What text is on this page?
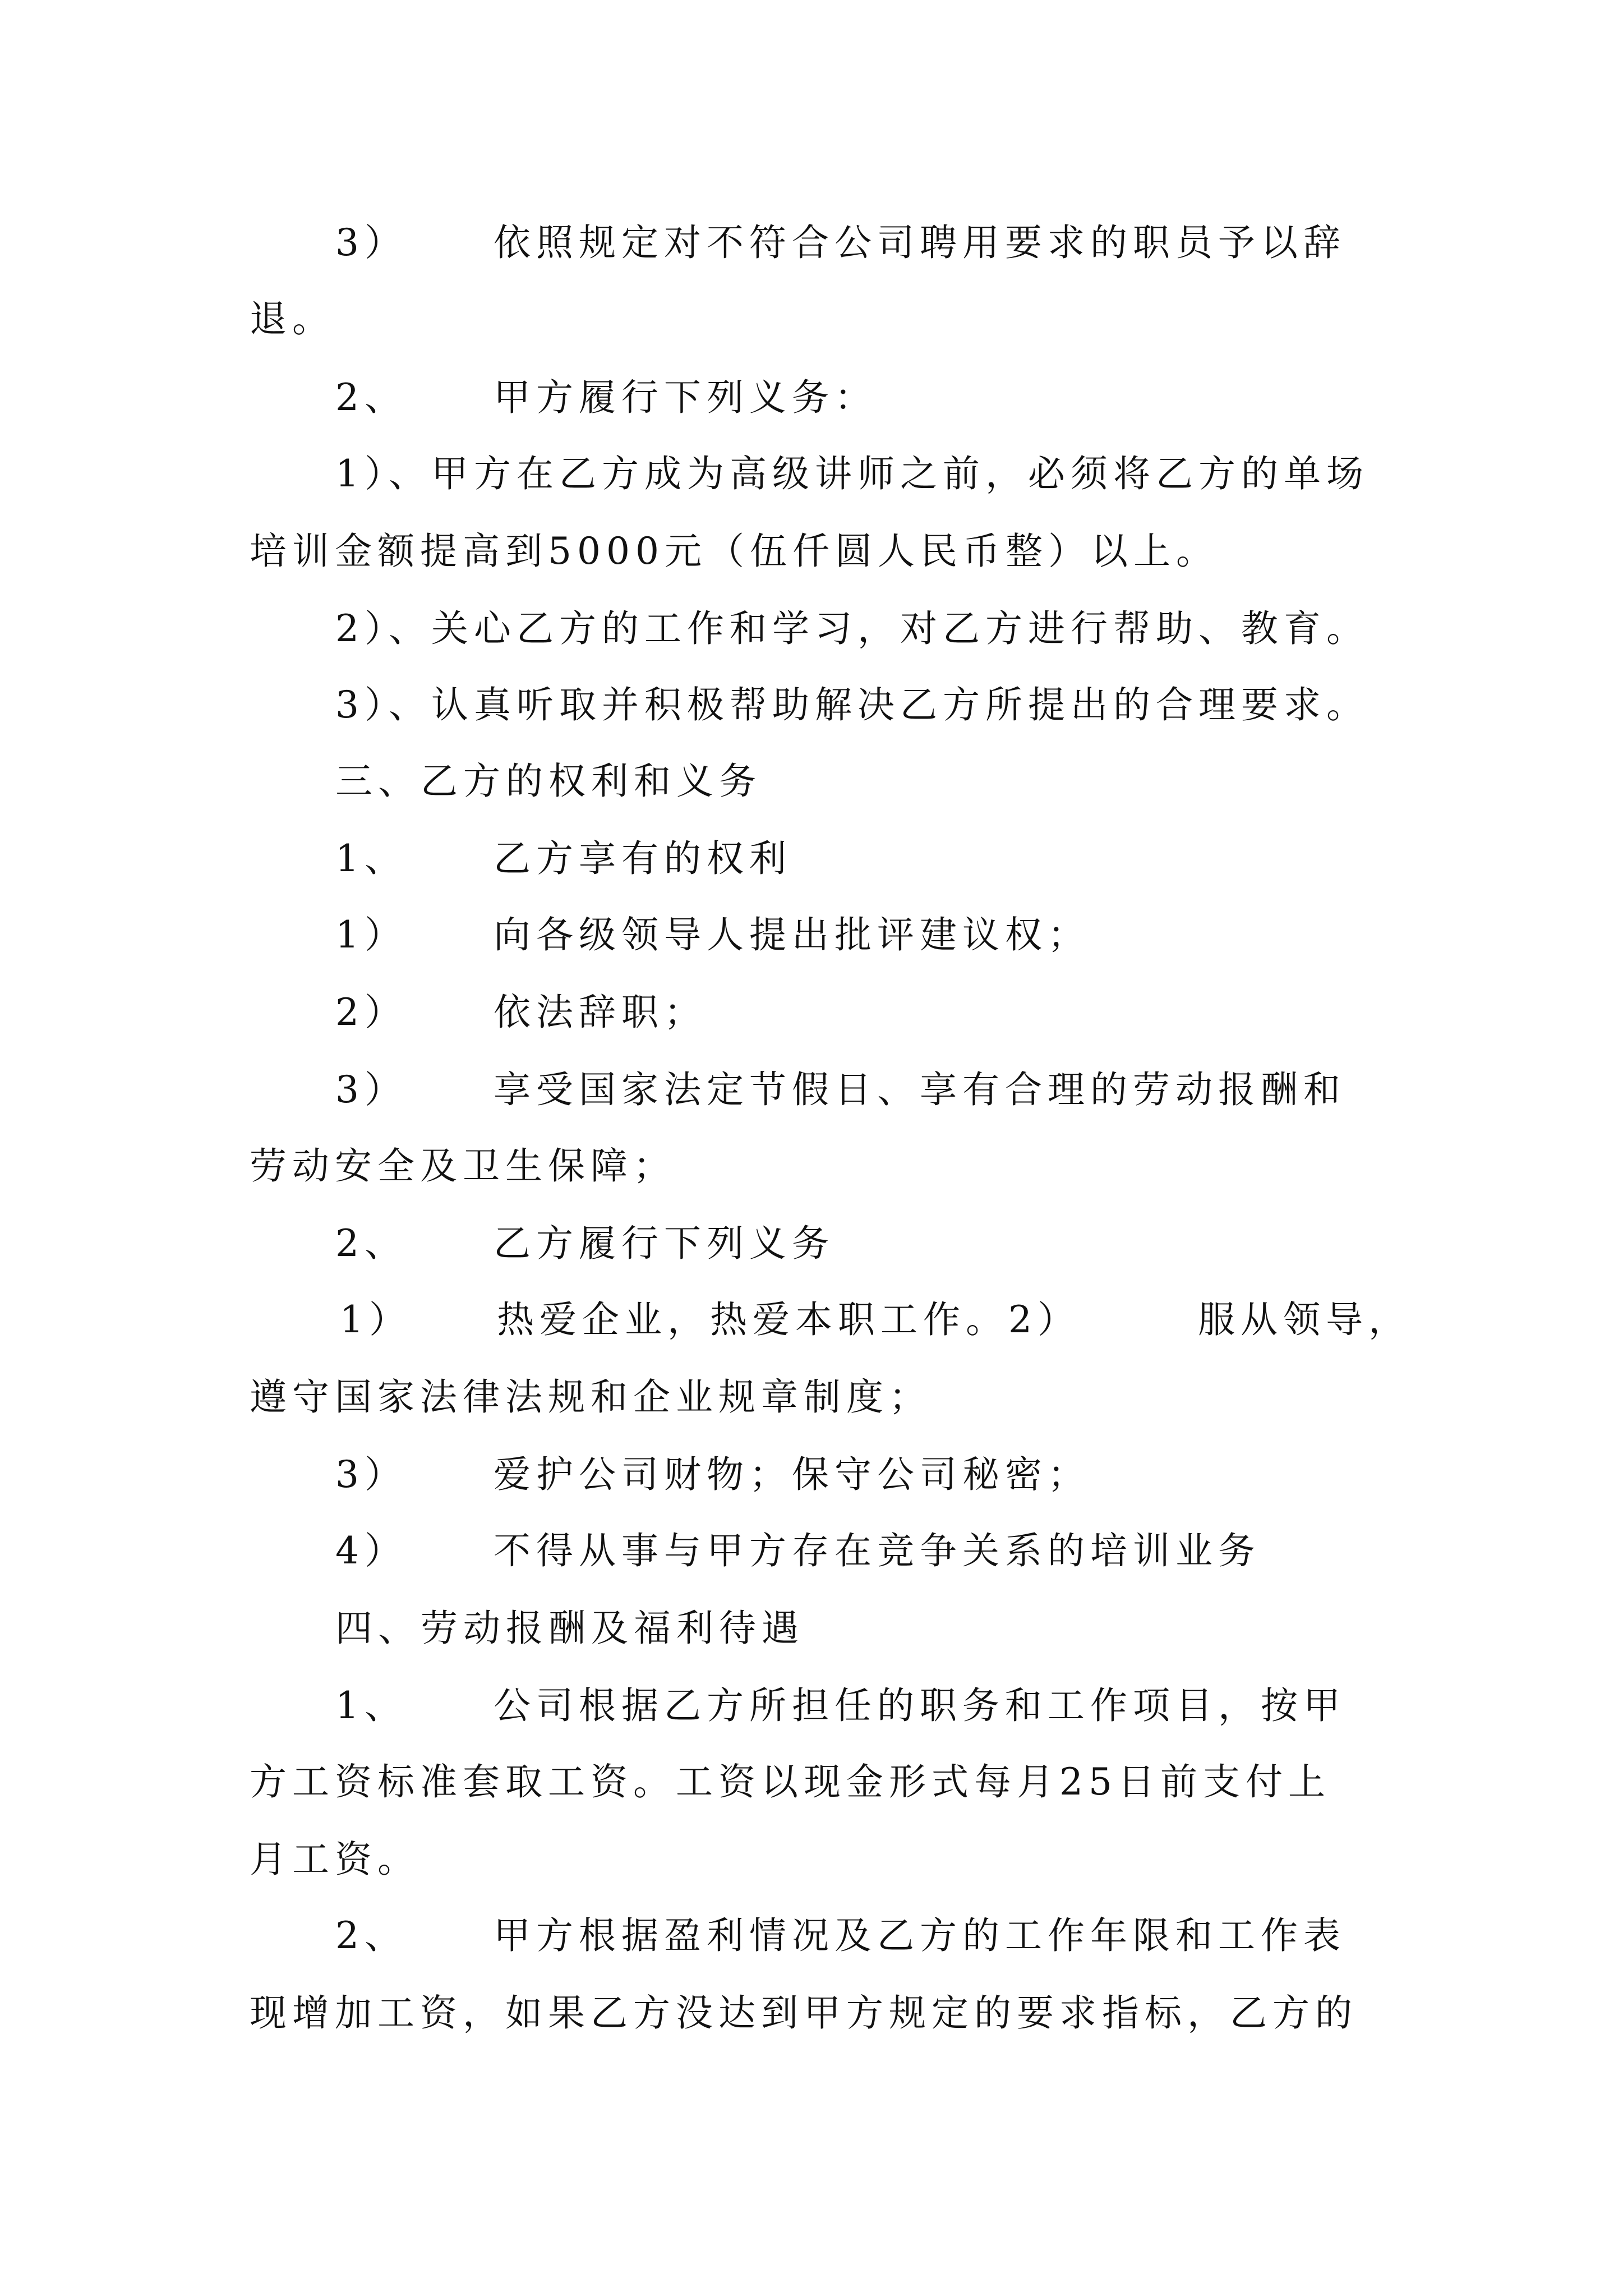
3） 依照规定对不符合公司聘用要求的职员予以辞
退。
2、 甲方履行下列义务：
1）、甲方在乙方成为高级讲师之前，必须将乙方的单场
培训金额提高到5000元（伍仟圆人民币整）以上。
2）、关心乙方的工作和学习，对乙方进行帮助、教育。
3）、认真听取并积极帮助解决乙方所提出的合理要求。
三、乙方的权利和义务
1、 乙方享有的权利
1） 向各级领导人提出批评建议权；
2） 依法辞职；
3） 享受国家法定节假日、享有合理的劳动报酬和
劳动安全及卫生保障；
2、 乙方履行下列义务
1） 热爱企业，热爱本职工作。2）	服从领导，
遵守国家法律法规和企业规章制度；
3） 爱护公司财物；保守公司秘密；
4） 不得从事与甲方存在竞争关系的培训业务
四、劳动报酬及福利待遇
1、 公司根据乙方所担任的职务和工作项目，按甲
方工资标准套取工资。工资以现金形式每月25日前支付上
月工资。
2、 甲方根据盈利情况及乙方的工作年限和工作表
现增加工资，如果乙方没达到甲方规定的要求指标，乙方的
